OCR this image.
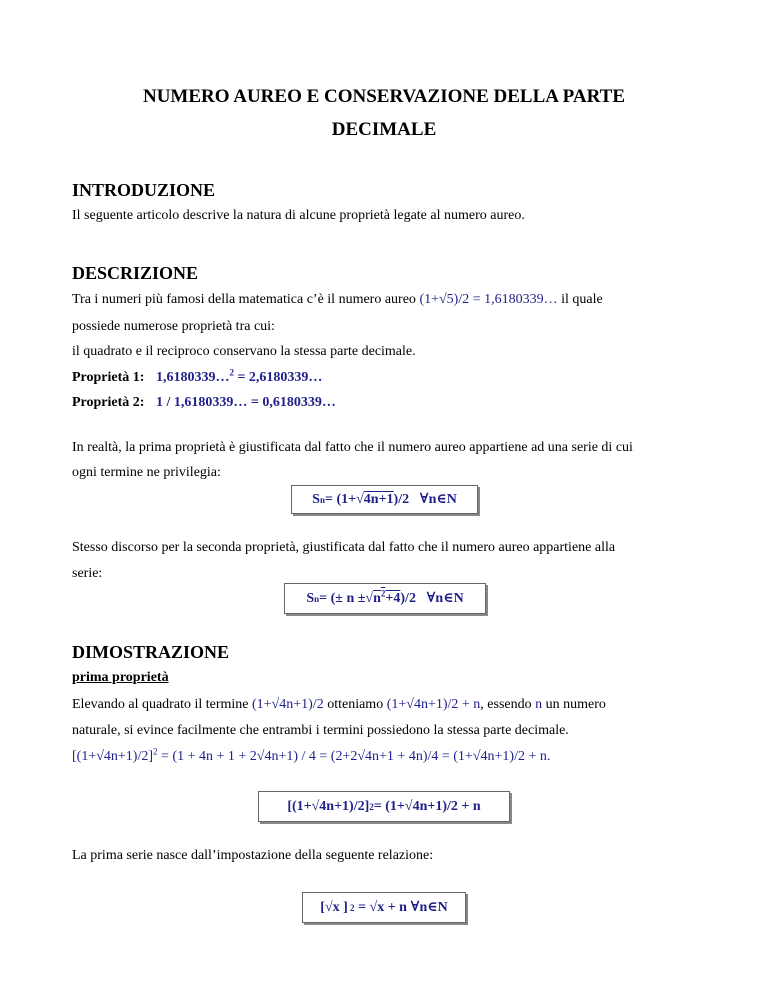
NUMERO AUREO E CONSERVAZIONE DELLA PARTE
DECIMALE
INTRODUZIONE
Il seguente articolo descrive la natura di alcune proprietà legate al numero aureo.
DESCRIZIONE
Tra i numeri più famosi della matematica c’è il numero aureo (1+√5)/2 = 1,6180339… il quale
possiede numerose proprietà tra cui:
il quadrato e il reciproco conservano la stessa parte decimale.
Proprietà 1: 1,6180339…$^2$ = 2,6180339…
Proprietà 2: 1 / 1,6180339… = 0,6180339…
In realtà, la prima proprietà è giustificata dal fatto che il numero aureo appartiene ad una serie di cui
ogni termine ne privilegia:
S n = (1+√ 4n+1 )/2   ∀n∈N
Stesso discorso per la seconda proprietà, giustificata dal fatto che il numero aureo appartiene alla
serie:
S n = (± n ±√ $n^2+4$ )/2   ∀n∈N
DIMOSTRAZIONE
prima proprietà
Elevando al quadrato il termine (1+√4n+1)/2 otteniamo (1+√4n+1)/2 + n, essendo n un numero
naturale, si evince facilmente che entrambi i termini possiedono la stessa parte decimale.
$[(1+√4n+1)/2]^2 = (1 + 4n + 1 + 2√4n+1) / 4 = (2+2√4n+1 + 4n)/4 = (1+√4n+1)/2 + n$.
[(1+√4n+1)/2] 2 = (1+√4n+1)/2 + n
La prima serie nasce dall’impostazione della seguente relazione:
[√x ] 2 = √x + n ∀n∈N
